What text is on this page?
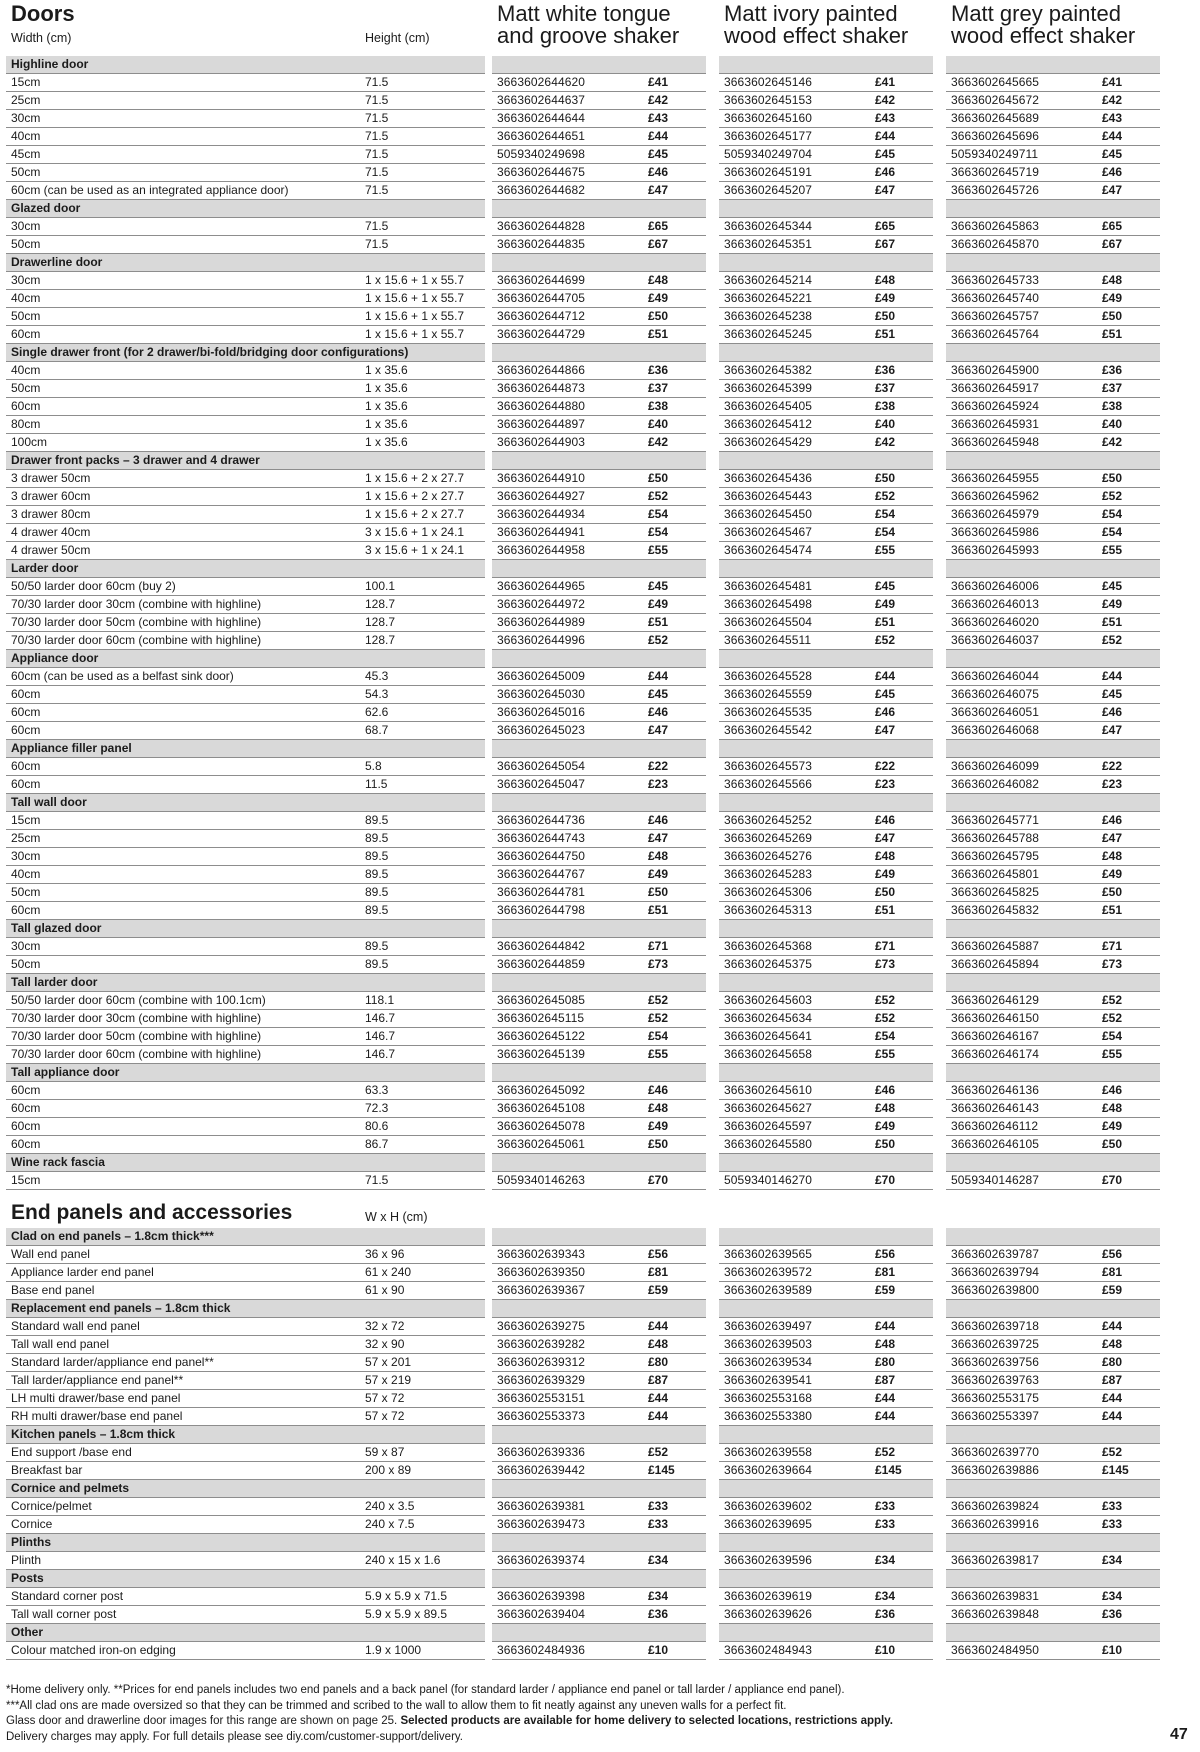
Doors
Width (cm)	Height (cm)
Matt white tongue
and groove shaker
Matt ivory painted
wood effect shaker
Matt grey painted
wood effect shaker
Highline door
15cm	71.5	3663602644620	£41	3663602645146	£41	3663602645665	£41
25cm	71.5	3663602644637	£42	3663602645153	£42	3663602645672	£42
30cm	71.5	3663602644644	£43	3663602645160	£43	3663602645689	£43
40cm	71.5	3663602644651	£44	3663602645177	£44	3663602645696	£44
45cm	71.5	5059340249698	£45	5059340249704	£45	5059340249711	£45
50cm	71.5	3663602644675	£46	3663602645191	£46	3663602645719	£46
60cm (can be used as an integrated appliance door)	71.5	3663602644682	£47	3663602645207	£47	3663602645726	£47
Glazed door
30cm	71.5	3663602644828	£65	3663602645344	£65	3663602645863	£65
50cm	71.5	3663602644835	£67	3663602645351	£67	3663602645870	£67
Drawerline door
30cm	1 x 15.6 + 1 x 55.7	3663602644699	£48	3663602645214	£48	3663602645733	£48
40cm	1 x 15.6 + 1 x 55.7	3663602644705	£49	3663602645221	£49	3663602645740	£49
50cm	1 x 15.6 + 1 x 55.7	3663602644712	£50	3663602645238	£50	3663602645757	£50
60cm	1 x 15.6 + 1 x 55.7	3663602644729	£51	3663602645245	£51	3663602645764	£51
Single drawer front (for 2 drawer/bi-fold/bridging door configurations)
40cm	1 x 35.6	3663602644866	£36	3663602645382	£36	3663602645900	£36
50cm	1 x 35.6	3663602644873	£37	3663602645399	£37	3663602645917	£37
60cm	1 x 35.6	3663602644880	£38	3663602645405	£38	3663602645924	£38
80cm	1 x 35.6	3663602644897	£40	3663602645412	£40	3663602645931	£40
100cm	1 x 35.6	3663602644903	£42	3663602645429	£42	3663602645948	£42
Drawer front packs – 3 drawer and 4 drawer
3 drawer 50cm	1 x 15.6 + 2 x 27.7	3663602644910	£50	3663602645436	£50	3663602645955	£50
3 drawer 60cm	1 x 15.6 + 2 x 27.7	3663602644927	£52	3663602645443	£52	3663602645962	£52
3 drawer 80cm	1 x 15.6 + 2 x 27.7	3663602644934	£54	3663602645450	£54	3663602645979	£54
4 drawer 40cm	3 x 15.6 + 1 x 24.1	3663602644941	£54	3663602645467	£54	3663602645986	£54
4 drawer 50cm	3 x 15.6 + 1 x 24.1	3663602644958	£55	3663602645474	£55	3663602645993	£55
Larder door
50/50 larder door 60cm (buy 2)	100.1	3663602644965	£45	3663602645481	£45	3663602646006	£45
70/30 larder door 30cm (combine with highline)	128.7	3663602644972	£49	3663602645498	£49	3663602646013	£49
70/30 larder door 50cm (combine with highline)	128.7	3663602644989	£51	3663602645504	£51	3663602646020	£51
70/30 larder door 60cm (combine with highline)	128.7	3663602644996	£52	3663602645511	£52	3663602646037	£52
Appliance door
60cm (can be used as a belfast sink door)	45.3	3663602645009	£44	3663602645528	£44	3663602646044	£44
60cm	54.3	3663602645030	£45	3663602645559	£45	3663602646075	£45
60cm	62.6	3663602645016	£46	3663602645535	£46	3663602646051	£46
60cm	68.7	3663602645023	£47	3663602645542	£47	3663602646068	£47
Appliance filler panel
60cm	5.8	3663602645054	£22	3663602645573	£22	3663602646099	£22
60cm	11.5	3663602645047	£23	3663602645566	£23	3663602646082	£23
Tall wall door
15cm	89.5	3663602644736	£46	3663602645252	£46	3663602645771	£46
25cm	89.5	3663602644743	£47	3663602645269	£47	3663602645788	£47
30cm	89.5	3663602644750	£48	3663602645276	£48	3663602645795	£48
40cm	89.5	3663602644767	£49	3663602645283	£49	3663602645801	£49
50cm	89.5	3663602644781	£50	3663602645306	£50	3663602645825	£50
60cm	89.5	3663602644798	£51	3663602645313	£51	3663602645832	£51
Tall glazed door
30cm	89.5	3663602644842	£71	3663602645368	£71	3663602645887	£71
50cm	89.5	3663602644859	£73	3663602645375	£73	3663602645894	£73
Tall larder door
50/50 larder door 60cm (combine with 100.1cm)	118.1	3663602645085	£52	3663602645603	£52	3663602646129	£52
70/30 larder door 30cm (combine with highline)	146.7	3663602645115	£52	3663602645634	£52	3663602646150	£52
70/30 larder door 50cm (combine with highline)	146.7	3663602645122	£54	3663602645641	£54	3663602646167	£54
70/30 larder door 60cm (combine with highline)	146.7	3663602645139	£55	3663602645658	£55	3663602646174	£55
Tall appliance door
60cm	63.3	3663602645092	£46	3663602645610	£46	3663602646136	£46
60cm	72.3	3663602645108	£48	3663602645627	£48	3663602646143	£48
60cm	80.6	3663602645078	£49	3663602645597	£49	3663602646112	£49
60cm	86.7	3663602645061	£50	3663602645580	£50	3663602646105	£50
Wine rack fascia
15cm	71.5	5059340146263	£70	5059340146270	£70	5059340146287	£70
End panels and accessories	W x H (cm)
Clad on end panels – 1.8cm thick***
Wall end panel	36 x 96	3663602639343	£56	3663602639565	£56	3663602639787	£56
Appliance larder end panel	61 x 240	3663602639350	£81	3663602639572	£81	3663602639794	£81
Base end panel	61 x 90	3663602639367	£59	3663602639589	£59	3663602639800	£59
Replacement end panels – 1.8cm thick
Standard wall end panel	32 x 72	3663602639275	£44	3663602639497	£44	3663602639718	£44
Tall wall end panel	32 x 90	3663602639282	£48	3663602639503	£48	3663602639725	£48
Standard larder/appliance end panel**	57 x 201	3663602639312	£80	3663602639534	£80	3663602639756	£80
Tall larder/appliance end panel**	57 x 219	3663602639329	£87	3663602639541	£87	3663602639763	£87
LH multi drawer/base end panel	57 x 72	3663602553151	£44	3663602553168	£44	3663602553175	£44
RH multi drawer/base end panel	57 x 72	3663602553373	£44	3663602553380	£44	3663602553397	£44
Kitchen panels – 1.8cm thick
End support /base end	59 x 87	3663602639336	£52	3663602639558	£52	3663602639770	£52
Breakfast bar	200 x 89	3663602639442	£145	3663602639664	£145	3663602639886	£145
Cornice and pelmets
Cornice/pelmet	240 x 3.5	3663602639381	£33	3663602639602	£33	3663602639824	£33
Cornice	240 x 7.5	3663602639473	£33	3663602639695	£33	3663602639916	£33
Plinths
Plinth	240 x 15 x 1.6	3663602639374	£34	3663602639596	£34	3663602639817	£34
Posts
Standard corner post	5.9 x 5.9 x 71.5	3663602639398	£34	3663602639619	£34	3663602639831	£34
Tall wall corner post	5.9 x 5.9 x 89.5	3663602639404	£36	3663602639626	£36	3663602639848	£36
Other
Colour matched iron-on edging	1.9 x 1000	3663602484936	£10	3663602484943	£10	3663602484950	£10
*Home delivery only. **Prices for end panels includes two end panels and a back panel (for standard larder / appliance end panel or tall larder / appliance end panel).
***All clad ons are made oversized so that they can be trimmed and scribed to the wall to allow them to fit neatly against any uneven walls for a perfect fit.
Glass door and drawerline door images for this range are shown on page 25. Selected products are available for home delivery to selected locations, restrictions apply.
Delivery charges may apply. For full details please see diy.com/customer-support/delivery.	47
